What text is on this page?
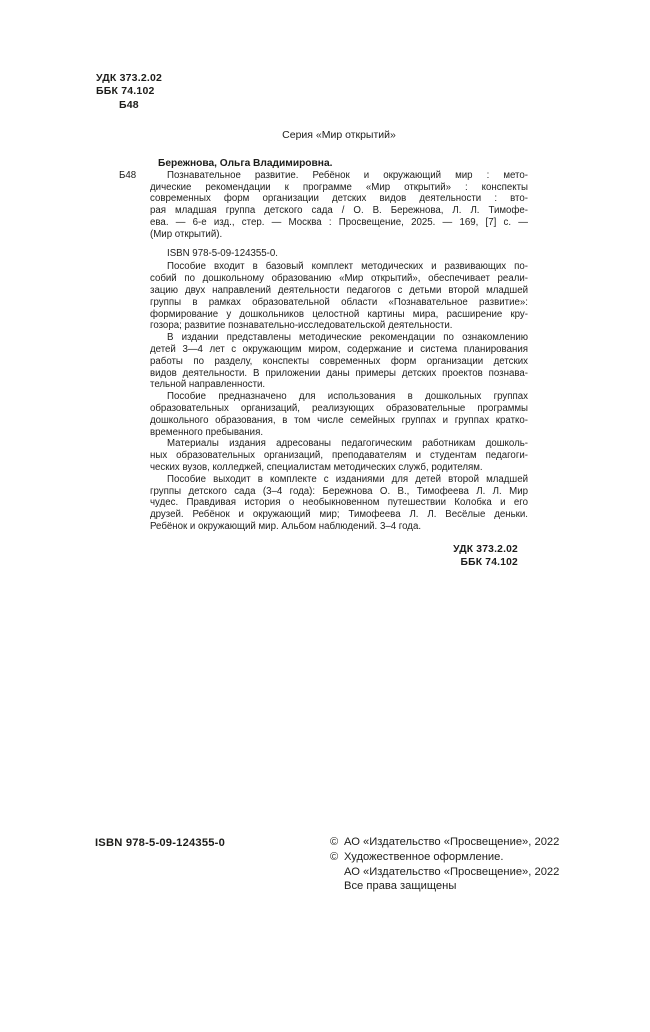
УДК 373.2.02
ББК 74.102
Б48
Серия «Мир открытий»
Бережнова, Ольга Владимировна.
Б48	Познавательное развитие. Ребёнок и окружающий мир : мето-
дические рекомендации к программе «Мир открытий» : конспекты
современных форм организации детских видов деятельности : вто-
рая младшая группа детского сада / О. В. Бережнова, Л. Л. Тимофе-
ева. — 6-е изд., стер. — Москва : Просвещение, 2025. — 169, [7] с. —
(Мир открытий).
ISBN 978-5-09-124355-0.
Пособие входит в базовый комплект методических и развивающих по-
собий по дошкольному образованию «Мир открытий», обеспечивает реали-
зацию двух направлений деятельности педагогов с детьми второй младшей
группы в рамках образовательной области «Познавательное развитие»:
формирование у дошкольников целостной картины мира, расширение кру-
гозора; развитие познавательно-исследовательской деятельности.
В издании представлены методические рекомендации по ознакомлению
детей 3—4 лет с окружающим миром, содержание и система планирования
работы по разделу, конспекты современных форм организации детских
видов деятельности. В приложении даны примеры детских проектов познава-
тельной направленности.
Пособие предназначено для использования в дошкольных группах
образовательных организаций, реализующих образовательные программы
дошкольного образования, в том числе семейных группах и группах кратко-
временного пребывания.
Материалы издания адресованы педагогическим работникам дошколь-
ных образовательных организаций, преподавателям и студентам педагоги-
ческих вузов, колледжей, специалистам методических служб, родителям.
Пособие выходит в комплекте с изданиями для детей второй младшей
группы детского сада (3–4 года): Бережнова О. В., Тимофеева Л. Л. Мир
чудес. Правдивая история о необыкновенном путешествии Колобка и его
друзей. Ребёнок и окружающий мир; Тимофеева Л. Л. Весёлые деньки.
Ребёнок и окружающий мир. Альбом наблюдений. 3–4 года.
УДК 373.2.02
ББК 74.102
ISBN 978-5-09-124355-0	© АО «Издательство «Просвещение», 2022
© Художественное оформление.
АО «Издательство «Просвещение», 2022
Все права защищены
